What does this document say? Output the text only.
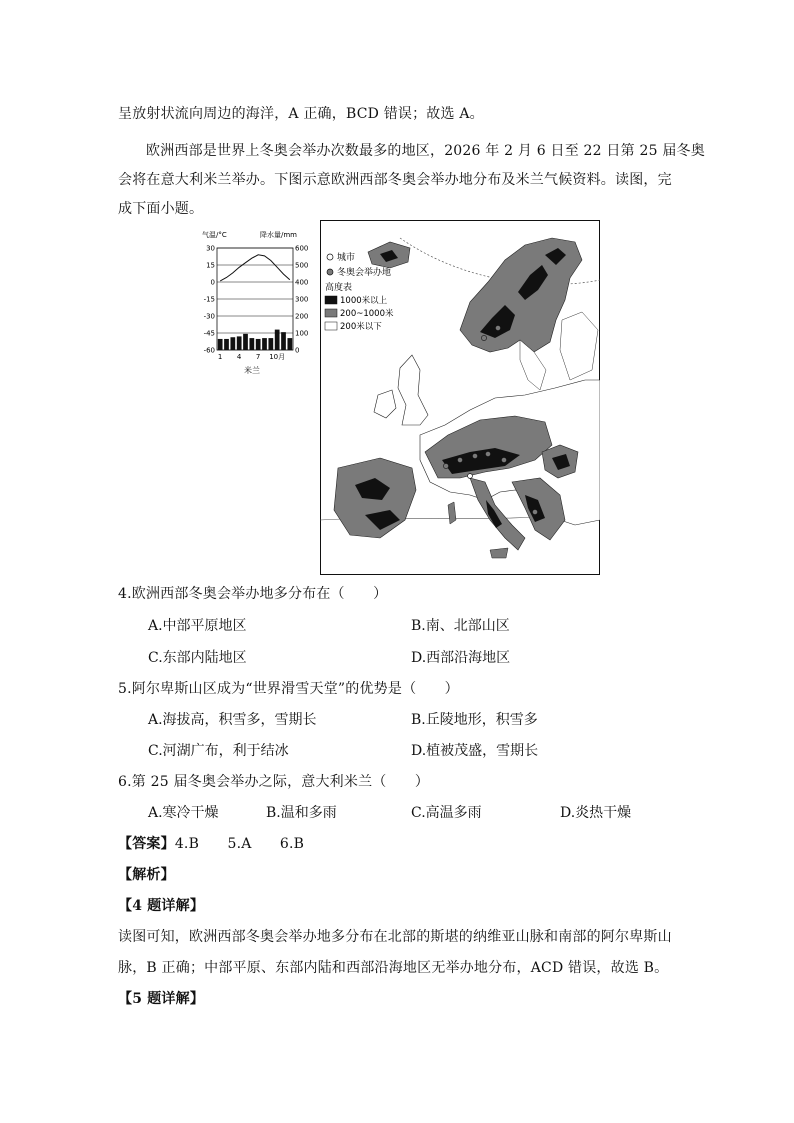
呈放射状流向周边的海洋，A 正确，BCD 错误；故选 A。
欧洲西部是世界上冬奥会举办次数最多的地区，2026 年 2 月 6 日至 22 日第 25 届冬奥
会将在意大利米兰举办。下图示意欧洲西部冬奥会举办地分布及米兰气候资料。读图，完
成下面小题。
气温/°C	降水量/mm
30
15
0
-15
-30
-45
-60
600
500
400
300
200
100
0
1 4 7 10月
米兰
城市
冬奥会举办地
高度表
1000米以上
200~1000米
200米以下
4.欧洲西部冬奥会举办地多分布在（　　）
A.中部平原地区	B.南、北部山区
C.东部内陆地区	D.西部沿海地区
5.阿尔卑斯山区成为“世界滑雪天堂”的优势是（　　）
A.海拔高，积雪多，雪期长	B.丘陵地形，积雪多
C.河湖广布，利于结冰	D.植被茂盛，雪期长
6.第 25 届冬奥会举办之际，意大利米兰（　　）
A.寒冷干燥	B.温和多雨	C.高温多雨	D.炎热干燥
【答案】4.B　　5.A　　6.B
【解析】
【4 题详解】
读图可知，欧洲西部冬奥会举办地多分布在北部的斯堪的纳维亚山脉和南部的阿尔卑斯山
脉，B 正确；中部平原、东部内陆和西部沿海地区无举办地分布，ACD 错误，故选 B。
【5 题详解】
